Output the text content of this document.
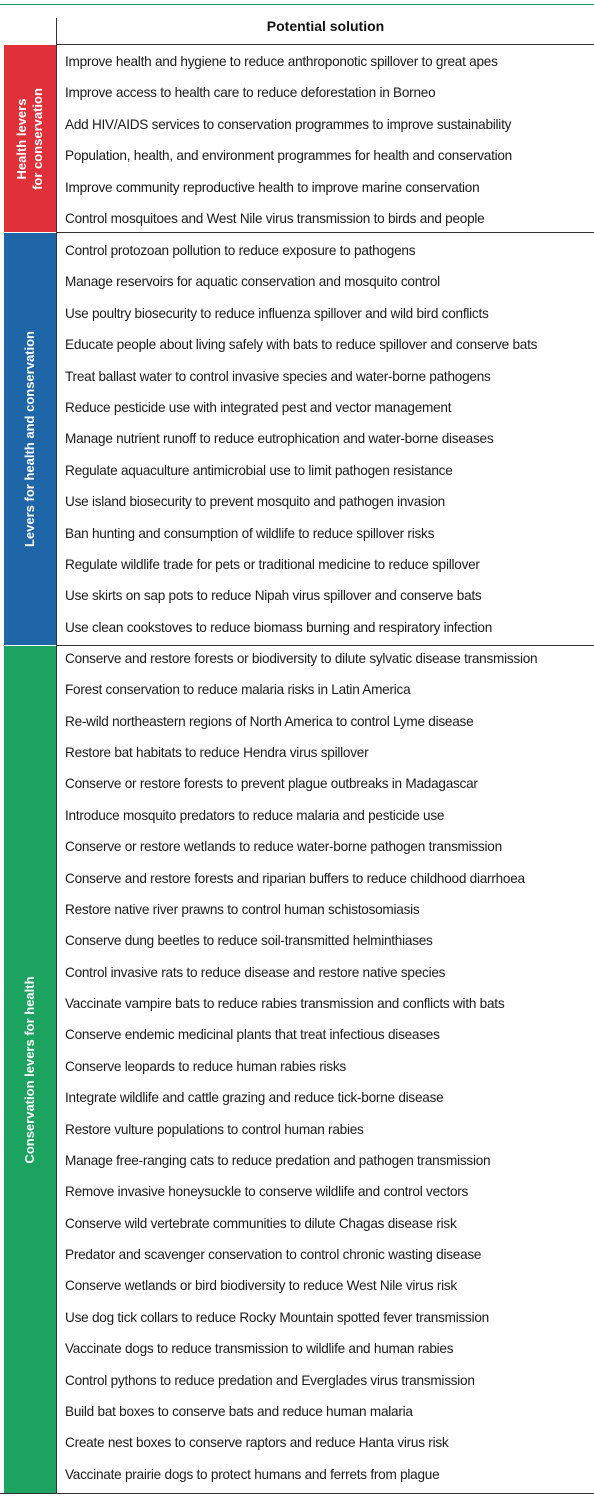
Potential solution
Health levers for conservation
Levers for health and conservation
Conservation levers for health
Improve health and hygiene to reduce anthroponotic spillover to great apes
Improve access to health care to reduce deforestation in Borneo
Add HIV/AIDS services to conservation programmes to improve sustainability
Population, health, and environment programmes for health and conservation
Improve community reproductive health to improve marine conservation
Control mosquitoes and West Nile virus transmission to birds and people
Control protozoan pollution to reduce exposure to pathogens
Manage reservoirs for aquatic conservation and mosquito control
Use poultry biosecurity to reduce influenza spillover and wild bird conflicts
Educate people about living safely with bats to reduce spillover and conserve bats
Treat ballast water to control invasive species and water-borne pathogens
Reduce pesticide use with integrated pest and vector management
Manage nutrient runoff to reduce eutrophication and water-borne diseases
Regulate aquaculture antimicrobial use to limit pathogen resistance
Use island biosecurity to prevent mosquito and pathogen invasion
Ban hunting and consumption of wildlife to reduce spillover risks
Regulate wildlife trade for pets or traditional medicine to reduce spillover
Use skirts on sap pots to reduce Nipah virus spillover and conserve bats
Use clean cookstoves to reduce biomass burning and respiratory infection
Conserve and restore forests or biodiversity to dilute sylvatic disease transmission
Forest conservation to reduce malaria risks in Latin America
Re-wild northeastern regions of North America to control Lyme disease
Restore bat habitats to reduce Hendra virus spillover
Conserve or restore forests to prevent plague outbreaks in Madagascar
Introduce mosquito predators to reduce malaria and pesticide use
Conserve or restore wetlands to reduce water-borne pathogen transmission
Conserve and restore forests and riparian buffers to reduce childhood diarrhoea
Restore native river prawns to control human schistosomiasis
Conserve dung beetles to reduce soil-transmitted helminthiases
Control invasive rats to reduce disease and restore native species
Vaccinate vampire bats to reduce rabies transmission and conflicts with bats
Conserve endemic medicinal plants that treat infectious diseases
Conserve leopards to reduce human rabies risks
Integrate wildlife and cattle grazing and reduce tick-borne disease
Restore vulture populations to control human rabies
Manage free-ranging cats to reduce predation and pathogen transmission
Remove invasive honeysuckle to conserve wildlife and control vectors
Conserve wild vertebrate communities to dilute Chagas disease risk
Predator and scavenger conservation to control chronic wasting disease
Conserve wetlands or bird biodiversity to reduce West Nile virus risk
Use dog tick collars to reduce Rocky Mountain spotted fever transmission
Vaccinate dogs to reduce transmission to wildlife and human rabies
Control pythons to reduce predation and Everglades virus transmission
Build bat boxes to conserve bats and reduce human malaria
Create nest boxes to conserve raptors and reduce Hanta virus risk
Vaccinate prairie dogs to protect humans and ferrets from plague
